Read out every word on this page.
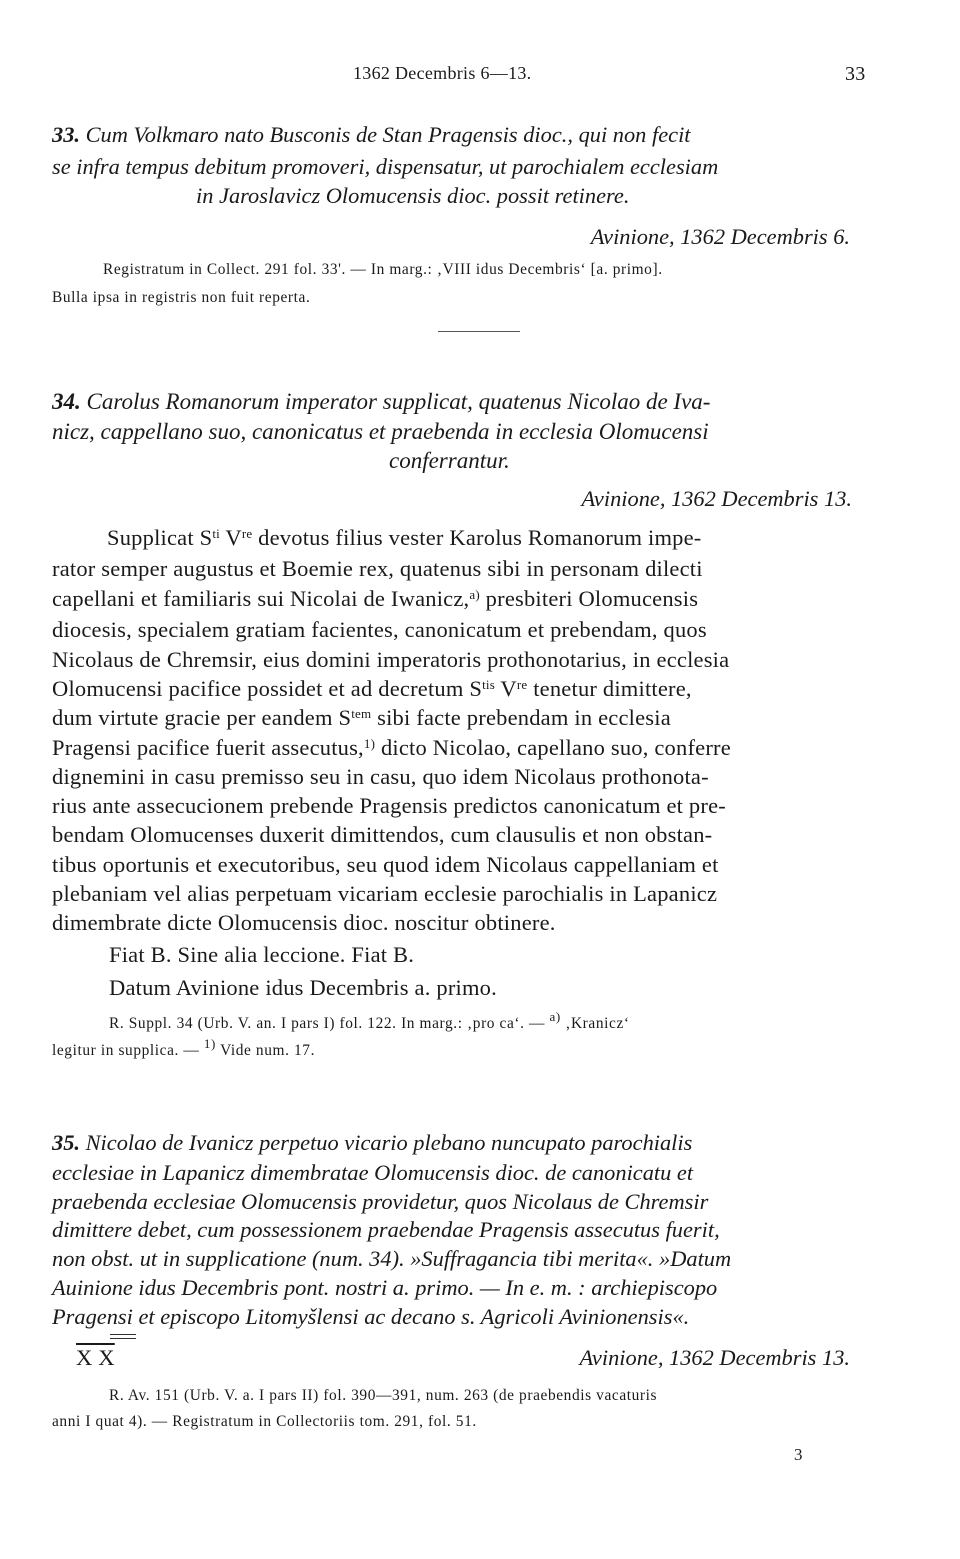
1362 Decembris 6—13.	33
33. Cum Volkmaro nato Busconis de Stan Pragensis dioc., qui non fecit
se infra tempus debitum promoveri, dispensatur, ut parochialem ecclesiam
in Jaroslavicz Olomucensis dioc. possit retinere.
Avinione, 1362 Decembris 6.
Registratum in Collect. 291 fol. 33'. — In marg.: ‚VIII idus Decembris‘ [a. primo].
Bulla ipsa in registris non fuit reperta.
34. Carolus Romanorum imperator supplicat, quatenus Nicolao de Iva-
nicz, cappellano suo, canonicatus et praebenda in ecclesia Olomucensi
conferrantur.
Avinione, 1362 Decembris 13.
Supplicat $S^{ti}$ Vre devotus filius vester Karolus Romanorum impe-
rator semper augustus et Boemie rex, quatenus sibi in personam dilecti
capellani et familiaris sui Nicolai de Iwanicz,$^{a)}$ presbiteri Olomucensis
diocesis, specialem gratiam facientes, canonicatum et prebendam, quos
Nicolaus de Chremsir, eius domini imperatoris prothonotarius, in ecclesia
Olomucensi pacifice possidet et ad decretum $S^{tis}$ Vre tenetur dimittere,
dum virtute gracie per eandem $S^{tem}$ sibi facte prebendam in ecclesia
Pragensi pacifice fuerit assecutus,$^{1)}$ dicto Nicolao, capellano suo, conferre
dignemini in casu premisso seu in casu, quo idem Nicolaus prothonota-
rius ante assecucionem prebende Pragensis predictos canonicatum et pre-
bendam Olomucenses duxerit dimittendos, cum clausulis et non obstan-
tibus oportunis et executoribus, seu quod idem Nicolaus cappellaniam et
plebaniam vel alias perpetuam vicariam ecclesie parochialis in Lapanicz
dimembrate dicte Olomucensis dioc. noscitur obtinere.
Fiat B. Sine alia leccione. Fiat B.
Datum Avinione idus Decembris a. primo.
R. Suppl. 34 (Urb. V. an. I pars I) fol. 122. In marg.: ‚pro ca‘. — $^{a)}$ ‚Kranicz‘
legitur in supplica. — $^{1)}$ Vide num. 17.
35. Nicolao de Ivanicz perpetuo vicario plebano nuncupato parochialis
ecclesiae in Lapanicz dimembratae Olomucensis dioc. de canonicatu et
praebenda ecclesiae Olomucensis providetur, quos Nicolaus de Chremsir
dimittere debet, cum possessionem praebendae Pragensis assecutus fuerit,
non obst. ut in supplicatione (num. 34). »Suffragancia tibi merita«. »Datum
Auinione idus Decembris pont. nostri a. primo. — In e. m. : archiepiscopo
Pragensi et episcopo Litomyšlensi ac decano s. Agricoli Avinionensis«.
X X	Avinione, 1362 Decembris 13.
R. Av. 151 (Urb. V. a. I pars II) fol. 390—391, num. 263 (de praebendis vacaturis
anni I quat 4). — Registratum in Collectoriis tom. 291, fol. 51.
3
